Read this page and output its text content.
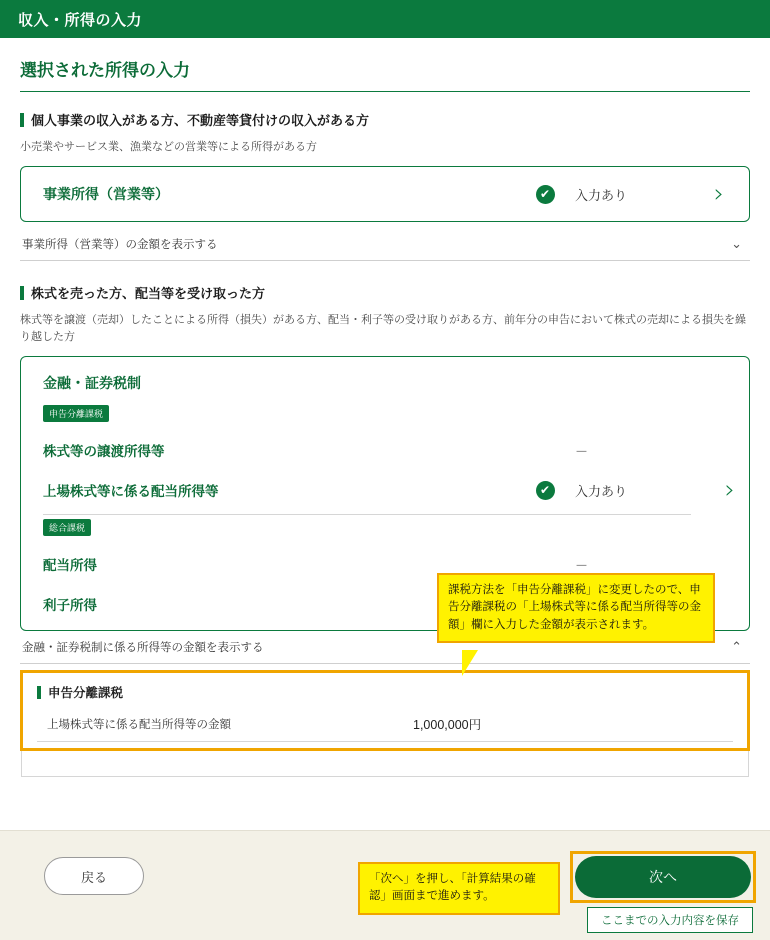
収入・所得の入力
選択された所得の入力
個人事業の収入がある方、不動産等貸付けの収入がある方
小売業やサービス業、漁業などの営業等による所得がある方
事業所得（営業等）	✔	入力あり	›
事業所得（営業等）の金額を表示する	⌄
株式を売った方、配当等を受け取った方
株式等を譲渡（売却）したことによる所得（損失）がある方、配当・利子等の受け取りがある方、前年分の申告において株式の売却による損失を繰り越した方
金融・証券税制
申告分離課税
株式等の譲渡所得等	－
上場株式等に係る配当所得等	✔	入力あり
総合課税
配当所得	－
利子所得
›
金融・証券税制に係る所得等の金額を表示する	⌃
申告分離課税
上場株式等に係る配当所得等の金額	1,000,000円
課税方法を「申告分離課税」に変更したので、申告分離課税の「上場株式等に係る配当所得等の金額」欄に入力した金額が表示されます。
「次へ」を押し、「計算結果の確認」画面まで進めます。
戻る	次へ
ここまでの入力内容を保存
